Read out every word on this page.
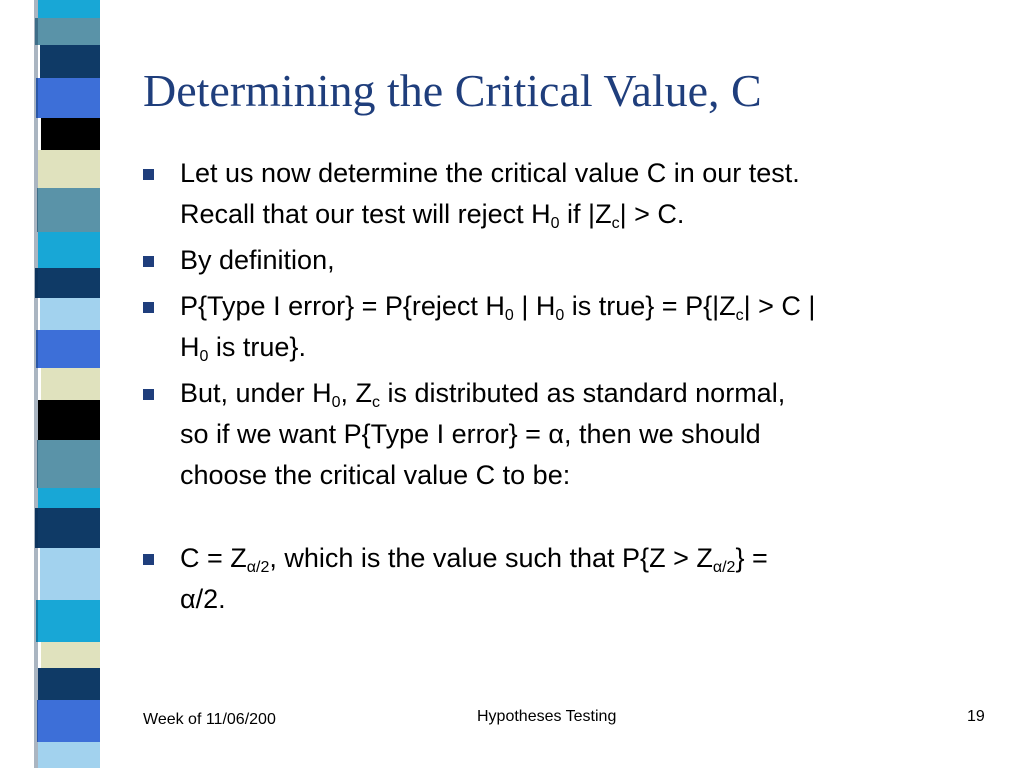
Determining the Critical Value, C
Let us now determine the critical value C in our test.
Recall that our test will reject $H_0$ if $|Z_c| > C$.
By definition,
P{Type I error} = P{reject $H_0$ | $H_0$ is true} = $P\{|Z_c| > C$ |
$H_0$ is true}.
But, under $H_0$, $Z_c$ is distributed as standard normal,
so if we want P{Type I error} = α, then we should
choose the critical value C to be:
$C = Z_{\alpha/2}$, which is the value such that $P\{Z > Z_{\alpha/2}\}$ =
α/2.
Week of 11/06/200	Hypotheses Testing	19
